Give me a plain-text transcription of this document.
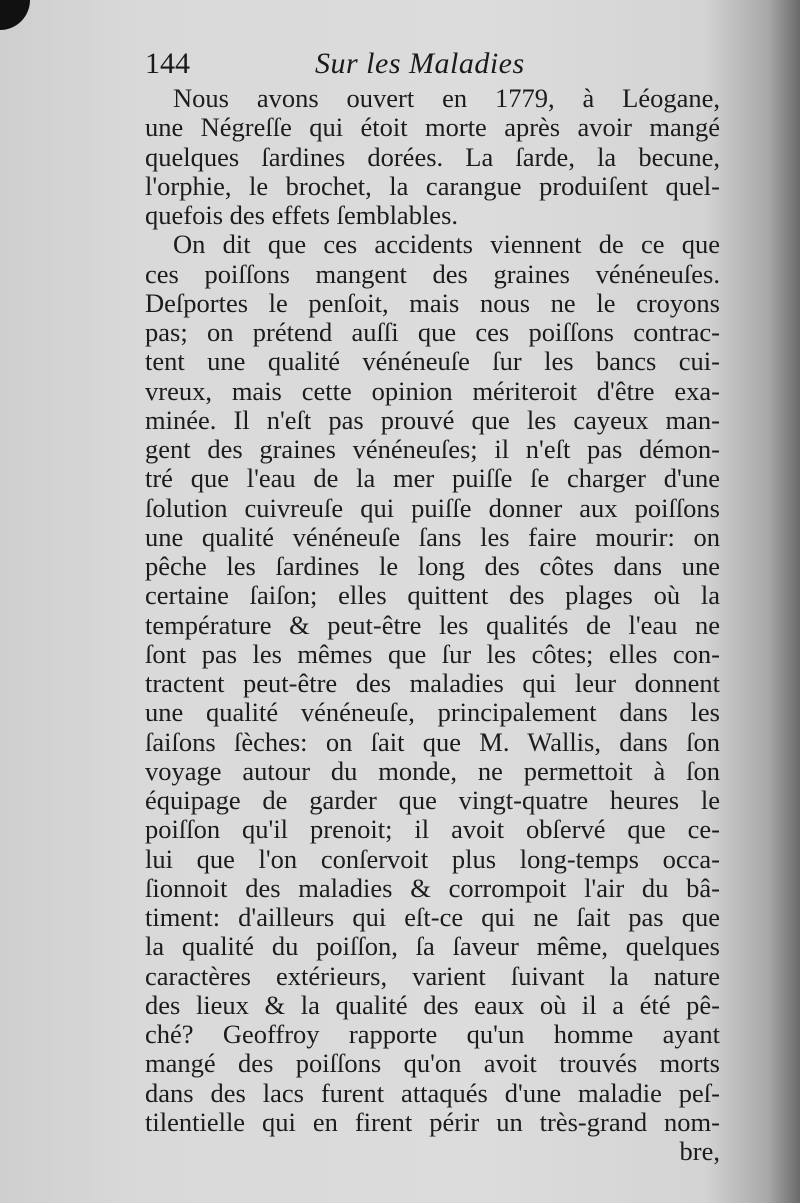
144	Sur les Maladies
Nous avons ouvert en 1779, à Léogane,
une Négreſſe qui étoit morte après avoir mangé
quelques ſardines dorées. La ſarde, la becune,
l'orphie, le brochet, la carangue produiſent quel-
quefois des effets ſemblables.
On dit que ces accidents viennent de ce que
ces poiſſons mangent des graines vénéneuſes.
Deſportes le penſoit, mais nous ne le croyons
pas; on prétend auſſi que ces poiſſons contrac-
tent une qualité vénéneuſe ſur les bancs cui-
vreux, mais cette opinion mériteroit d'être exa-
minée. Il n'eſt pas prouvé que les cayeux man-
gent des graines vénéneuſes; il n'eſt pas démon-
tré que l'eau de la mer puiſſe ſe charger d'une
ſolution cuivreuſe qui puiſſe donner aux poiſſons
une qualité vénéneuſe ſans les faire mourir: on
pêche les ſardines le long des côtes dans une
certaine ſaiſon; elles quittent des plages où la
température & peut-être les qualités de l'eau ne
ſont pas les mêmes que ſur les côtes; elles con-
tractent peut-être des maladies qui leur donnent
une qualité vénéneuſe, principalement dans les
ſaiſons ſèches: on ſait que M. Wallis, dans ſon
voyage autour du monde, ne permettoit à ſon
équipage de garder que vingt-quatre heures le
poiſſon qu'il prenoit; il avoit obſervé que ce-
lui que l'on conſervoit plus long-temps occa-
ſionnoit des maladies & corrompoit l'air du bâ-
timent: d'ailleurs qui eſt-ce qui ne ſait pas que
la qualité du poiſſon, ſa ſaveur même, quelques
caractères extérieurs, varient ſuivant la nature
des lieux & la qualité des eaux où il a été pê-
ché? Geoffroy rapporte qu'un homme ayant
mangé des poiſſons qu'on avoit trouvés morts
dans des lacs furent attaqués d'une maladie peſ-
tilentielle qui en firent périr un très-grand nom-
bre,
